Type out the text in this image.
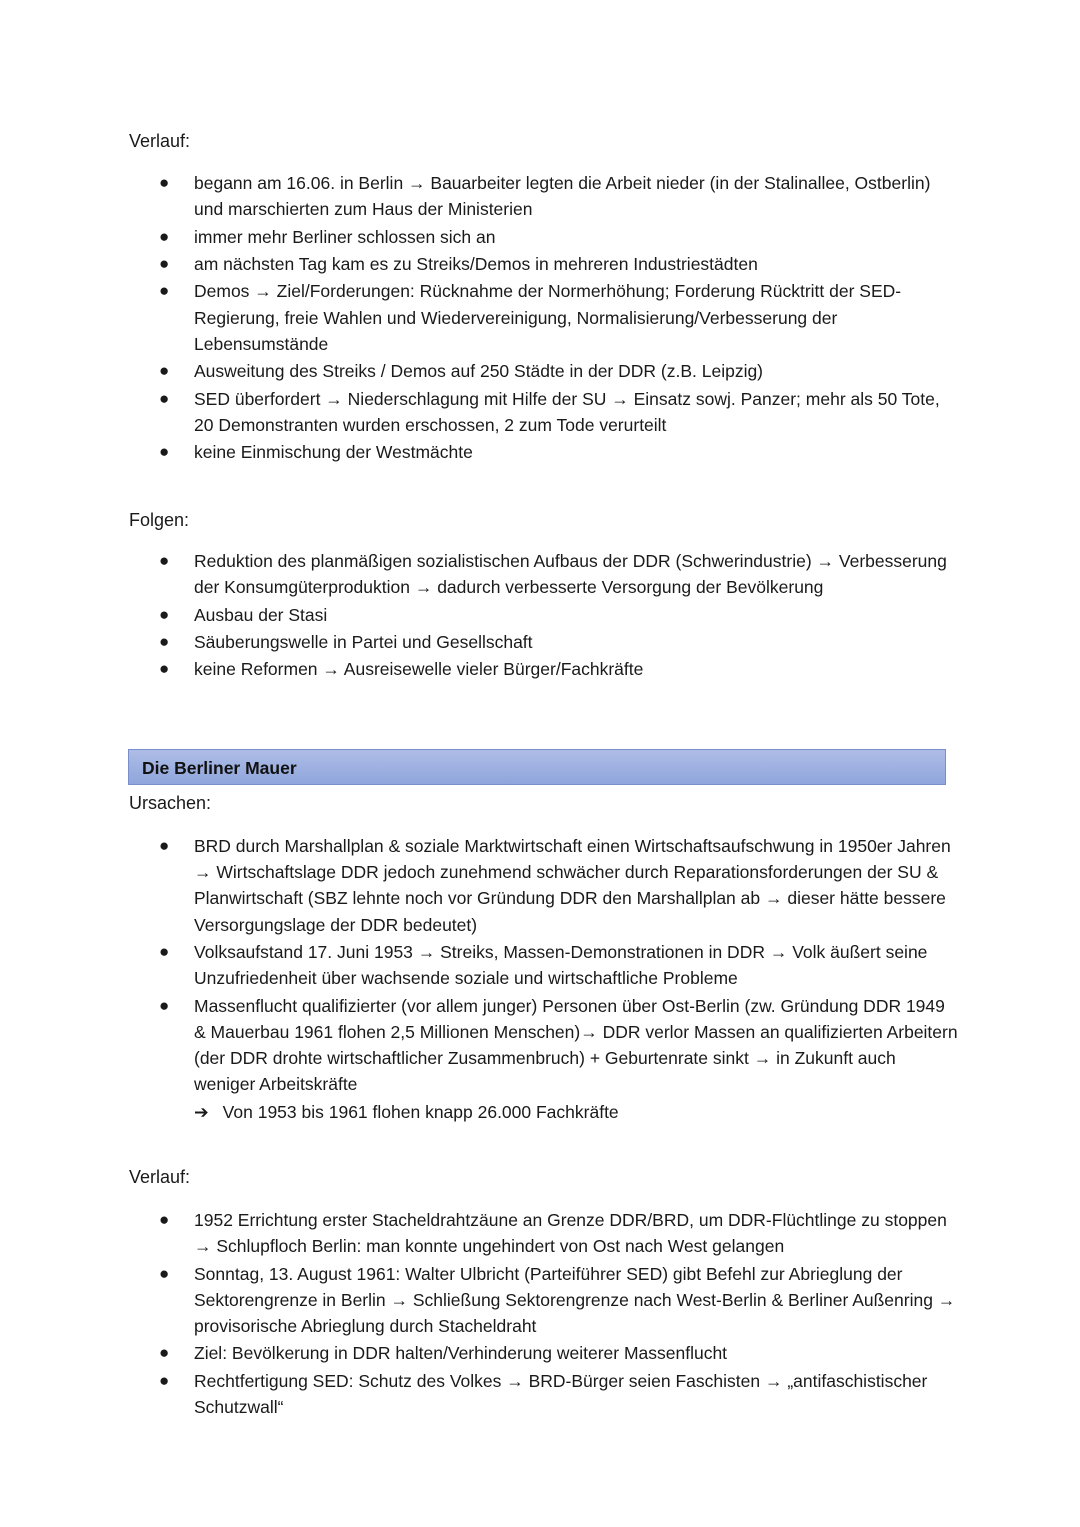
Verlauf:

● begann am 16.06. in Berlin → Bauarbeiter legten die Arbeit nieder (in der Stalinallee, Ostberlin) und marschierten zum Haus der Ministerien
● immer mehr Berliner schlossen sich an
● am nächsten Tag kam es zu Streiks/Demos in mehreren Industriestädten
● Demos → Ziel/Forderungen: Rücknahme der Normerhöhung; Forderung Rücktritt der SED-Regierung, freie Wahlen und Wiedervereinigung, Normalisierung/Verbesserung der Lebensumstände
● Ausweitung des Streiks / Demos auf 250 Städte in der DDR (z.B. Leipzig)
● SED überfordert → Niederschlagung mit Hilfe der SU → Einsatz sowj. Panzer; mehr als 50 Tote, 20 Demonstranten wurden erschossen, 2 zum Tode verurteilt
● keine Einmischung der Westmächte

Folgen:

● Reduktion des planmäßigen sozialistischen Aufbaus der DDR (Schwerindustrie) → Verbesserung der Konsumgüterproduktion → dadurch verbesserte Versorgung der Bevölkerung
● Ausbau der Stasi
● Säuberungswelle in Partei und Gesellschaft
● keine Reformen → Ausreisewelle vieler Bürger/Fachkräfte
Die Berliner Mauer

Ursachen:

● BRD durch Marshallplan & soziale Marktwirtschaft einen Wirtschaftsaufschwung in 1950er Jahren → Wirtschaftslage DDR jedoch zunehmend schwächer durch Reparationsforderungen der SU & Planwirtschaft (SBZ lehnte noch vor Gründung DDR den Marshallplan ab → dieser hätte bessere Versorgungslage der DDR bedeutet)
● Volksaufstand 17. Juni 1953 → Streiks, Massen-Demonstrationen in DDR → Volk äußert seine Unzufriedenheit über wachsende soziale und wirtschaftliche Probleme
● Massenflucht qualifizierter (vor allem junger) Personen über Ost-Berlin (zw. Gründung DDR 1949 & Mauerbau 1961 flohen 2,5 Millionen Menschen)→ DDR verlor Massen an qualifizierten Arbeitern (der DDR drohte wirtschaftlicher Zusammenbruch) + Geburtenrate sinkt → in Zukunft auch weniger Arbeitskräfte
➔ Von 1953 bis 1961 flohen knapp 26.000 Fachkräfte

Verlauf:

● 1952 Errichtung erster Stacheldrahtzäune an Grenze DDR/BRD, um DDR-Flüchtlinge zu stoppen → Schlupfloch Berlin: man konnte ungehindert von Ost nach West gelangen
● Sonntag, 13. August 1961: Walter Ulbricht (Parteiführer SED) gibt Befehl zur Abrieglung der Sektorengrenze in Berlin → Schließung Sektorengrenze nach West-Berlin & Berliner Außenring → provisorische Abrieglung durch Stacheldraht
● Ziel: Bevölkerung in DDR halten/Verhinderung weiterer Massenflucht
● Rechtfertigung SED: Schutz des Volkes → BRD-Bürger seien Faschisten → „antifaschistischer Schutzwall“
